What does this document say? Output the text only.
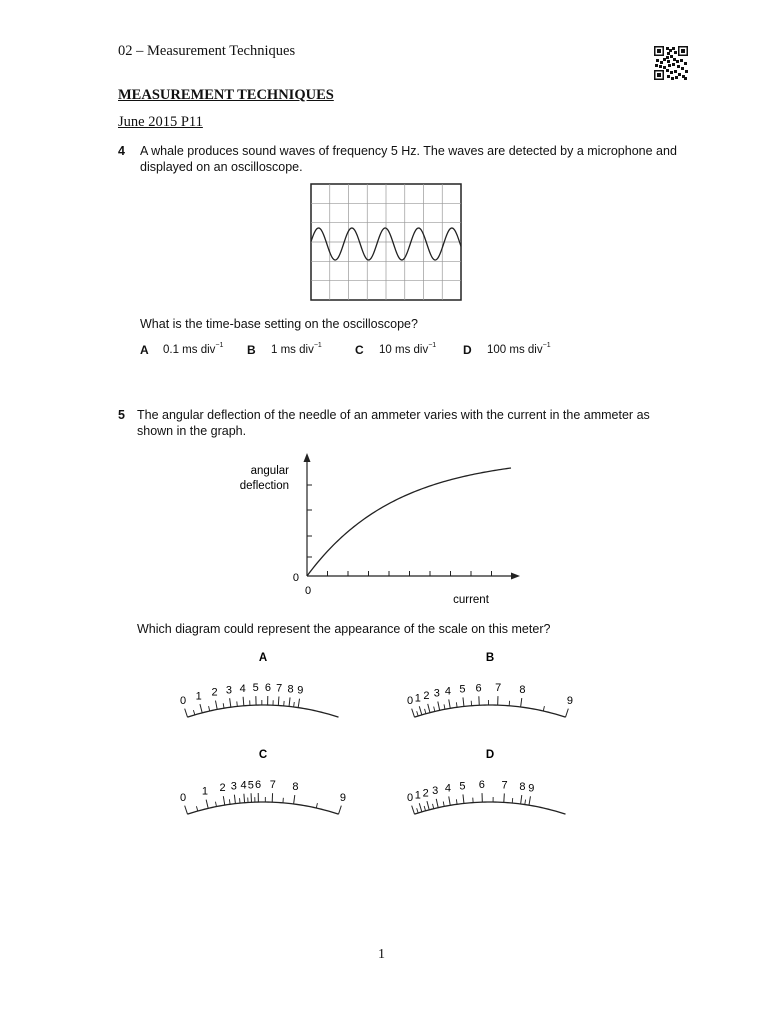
02 – Measurement Techniques
MEASUREMENT TECHNIQUES
June 2015 P11
4 A whale produces sound waves of frequency 5 Hz. The waves are detected by a microphone and
displayed on an oscilloscope.
What is the time-base setting on the oscilloscope?
A 0.1 ms div$^{-1}$ B 1 ms div$^{-1}$	C 10 ms div$^{-1}$ D 100 ms div$^{-1}$
5 The angular deflection of the needle of an ammeter varies with the current in the ammeter as
shown in the graph.
angular
deflection
0
0
current
Which diagram could represent the appearance of the scale on this meter?
A
0 1 2 3 4 5 6 7 8 9
B
0 1 2 3 4 5 6 7 8
9
C
0
1 2 3 4 5 6 7 8
9
D
0 1 2 3 4 5 6 7 8 9
1
